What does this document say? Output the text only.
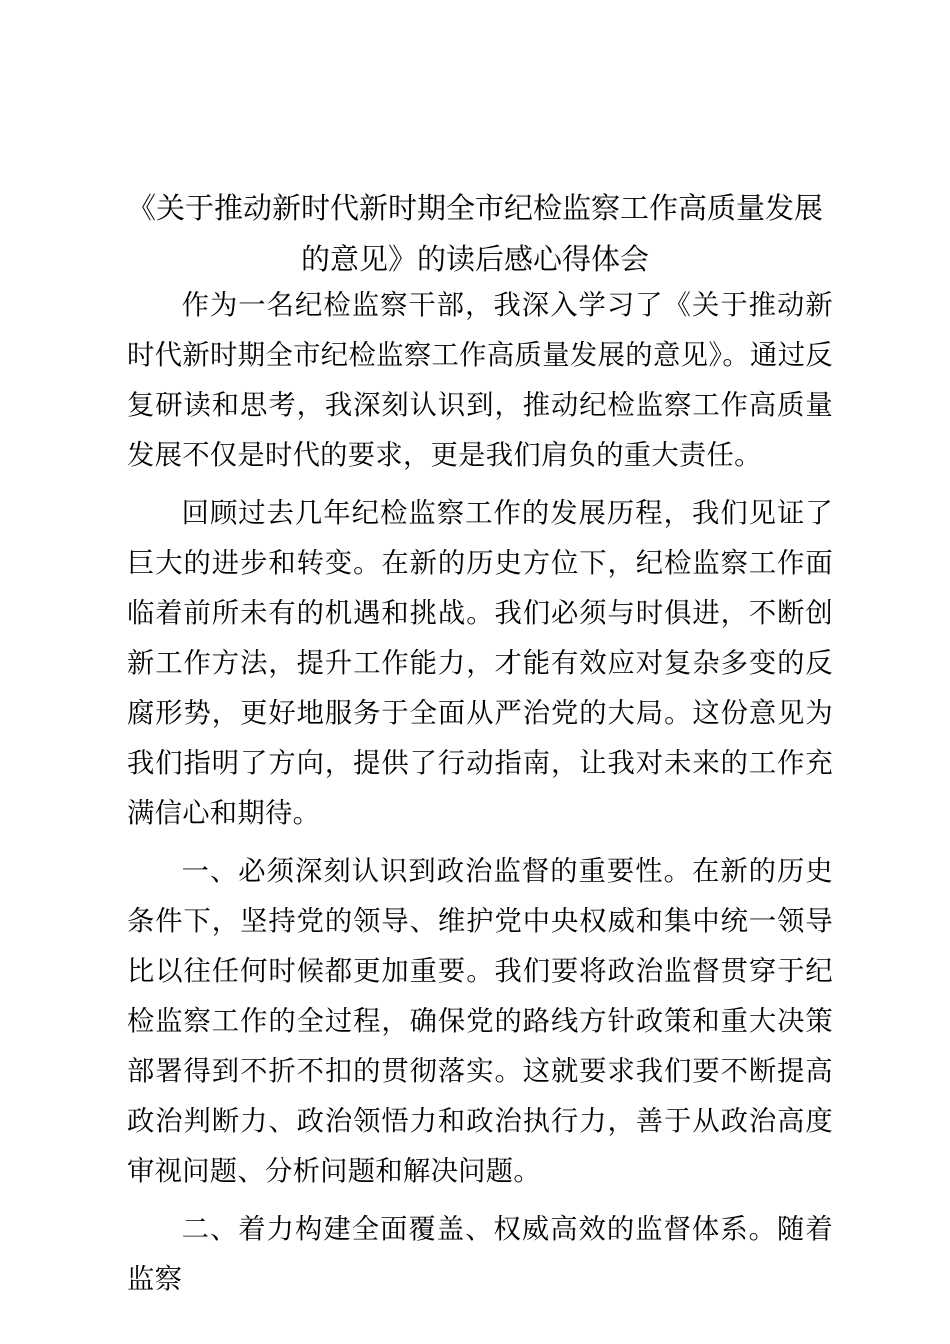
《关于推动新时代新时期全市纪检监察工作高质量发展
的意见》的读后感心得体会

作为一名纪检监察干部，我深入学习了《关于推动新时代新时期全市纪检监察工作高质量发展的意见》。通过反复研读和思考，我深刻认识到，推动纪检监察工作高质量发展不仅是时代的要求，更是我们肩负的重大责任。

回顾过去几年纪检监察工作的发展历程，我们见证了巨大的进步和转变。在新的历史方位下，纪检监察工作面临着前所未有的机遇和挑战。我们必须与时俱进，不断创新工作方法，提升工作能力，才能有效应对复杂多变的反腐形势，更好地服务于全面从严治党的大局。这份意见为我们指明了方向，提供了行动指南，让我对未来的工作充满信心和期待。

一、必须深刻认识到政治监督的重要性。在新的历史条件下，坚持党的领导、维护党中央权威和集中统一领导比以往任何时候都更加重要。我们要将政治监督贯穿于纪检监察工作的全过程，确保党的路线方针政策和重大决策部署得到不折不扣的贯彻落实。这就要求我们要不断提高政治判断力、政治领悟力和政治执行力，善于从政治高度审视问题、分析问题和解决问题。

二、着力构建全面覆盖、权威高效的监督体系。随着监察
